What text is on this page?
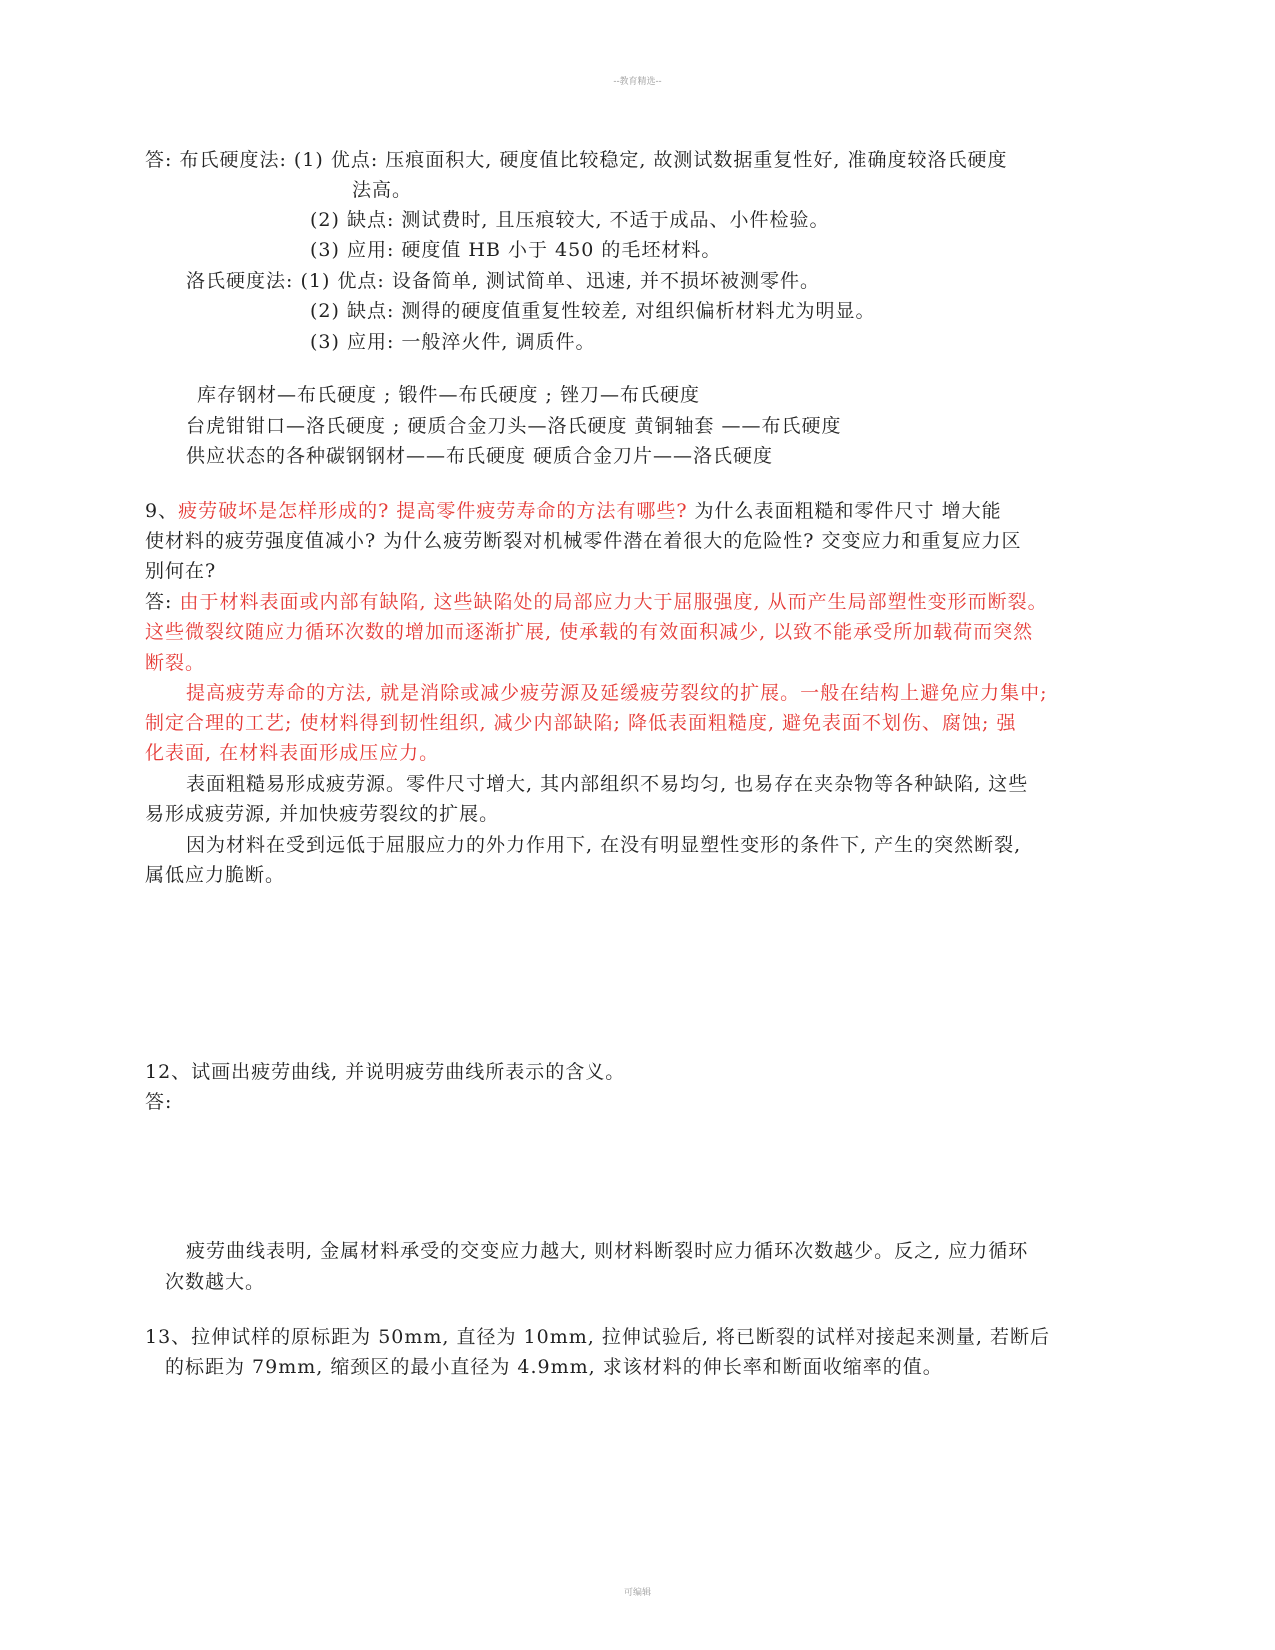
--教育精选--
答: 布氏硬度法: (1) 优点: 压痕面积大, 硬度值比较稳定, 故测试数据重复性好, 准确度较洛氏硬度
法高。
(2) 缺点: 测试费时, 且压痕较大, 不适于成品、小件检验。
(3) 应用: 硬度值 HB 小于 450 的毛坯材料。
洛氏硬度法: (1) 优点: 设备简单, 测试简单、迅速, 并不损坏被测零件。
(2) 缺点: 测得的硬度值重复性较差, 对组织偏析材料尤为明显。
(3) 应用: 一般淬火件, 调质件。
库存钢材—布氏硬度 ; 锻件—布氏硬度 ; 锉刀—布氏硬度
台虎钳钳口—洛氏硬度 ; 硬质合金刀头—洛氏硬度 黄铜轴套 ——布氏硬度
供应状态的各种碳钢钢材——布氏硬度 硬质合金刀片——洛氏硬度
9、疲劳破坏是怎样形成的? 提高零件疲劳寿命的方法有哪些? 为什么表面粗糙和零件尺寸 增大能
使材料的疲劳强度值减小? 为什么疲劳断裂对机械零件潜在着很大的危险性? 交变应力和重复应力区
别何在?
答: 由于材料表面或内部有缺陷, 这些缺陷处的局部应力大于屈服强度, 从而产生局部塑性变形而断裂。
这些微裂纹随应力循环次数的增加而逐渐扩展, 使承载的有效面积减少, 以致不能承受所加载荷而突然
断裂。
提高疲劳寿命的方法, 就是消除或减少疲劳源及延缓疲劳裂纹的扩展。一般在结构上避免应力集中;
制定合理的工艺; 使材料得到韧性组织, 减少内部缺陷; 降低表面粗糙度, 避免表面不划伤、腐蚀; 强
化表面, 在材料表面形成压应力。
表面粗糙易形成疲劳源。零件尺寸增大, 其内部组织不易均匀, 也易存在夹杂物等各种缺陷, 这些
易形成疲劳源, 并加快疲劳裂纹的扩展。
因为材料在受到远低于屈服应力的外力作用下, 在没有明显塑性变形的条件下, 产生的突然断裂,
属低应力脆断。
12、试画出疲劳曲线, 并说明疲劳曲线所表示的含义。
答:
疲劳曲线表明, 金属材料承受的交变应力越大, 则材料断裂时应力循环次数越少。反之, 应力循环
次数越大。
13、拉伸试样的原标距为 50mm, 直径为 10mm, 拉伸试验后, 将已断裂的试样对接起来测量, 若断后
的标距为 79mm, 缩颈区的最小直径为 4.9mm, 求该材料的伸长率和断面收缩率的值。
可编辑
